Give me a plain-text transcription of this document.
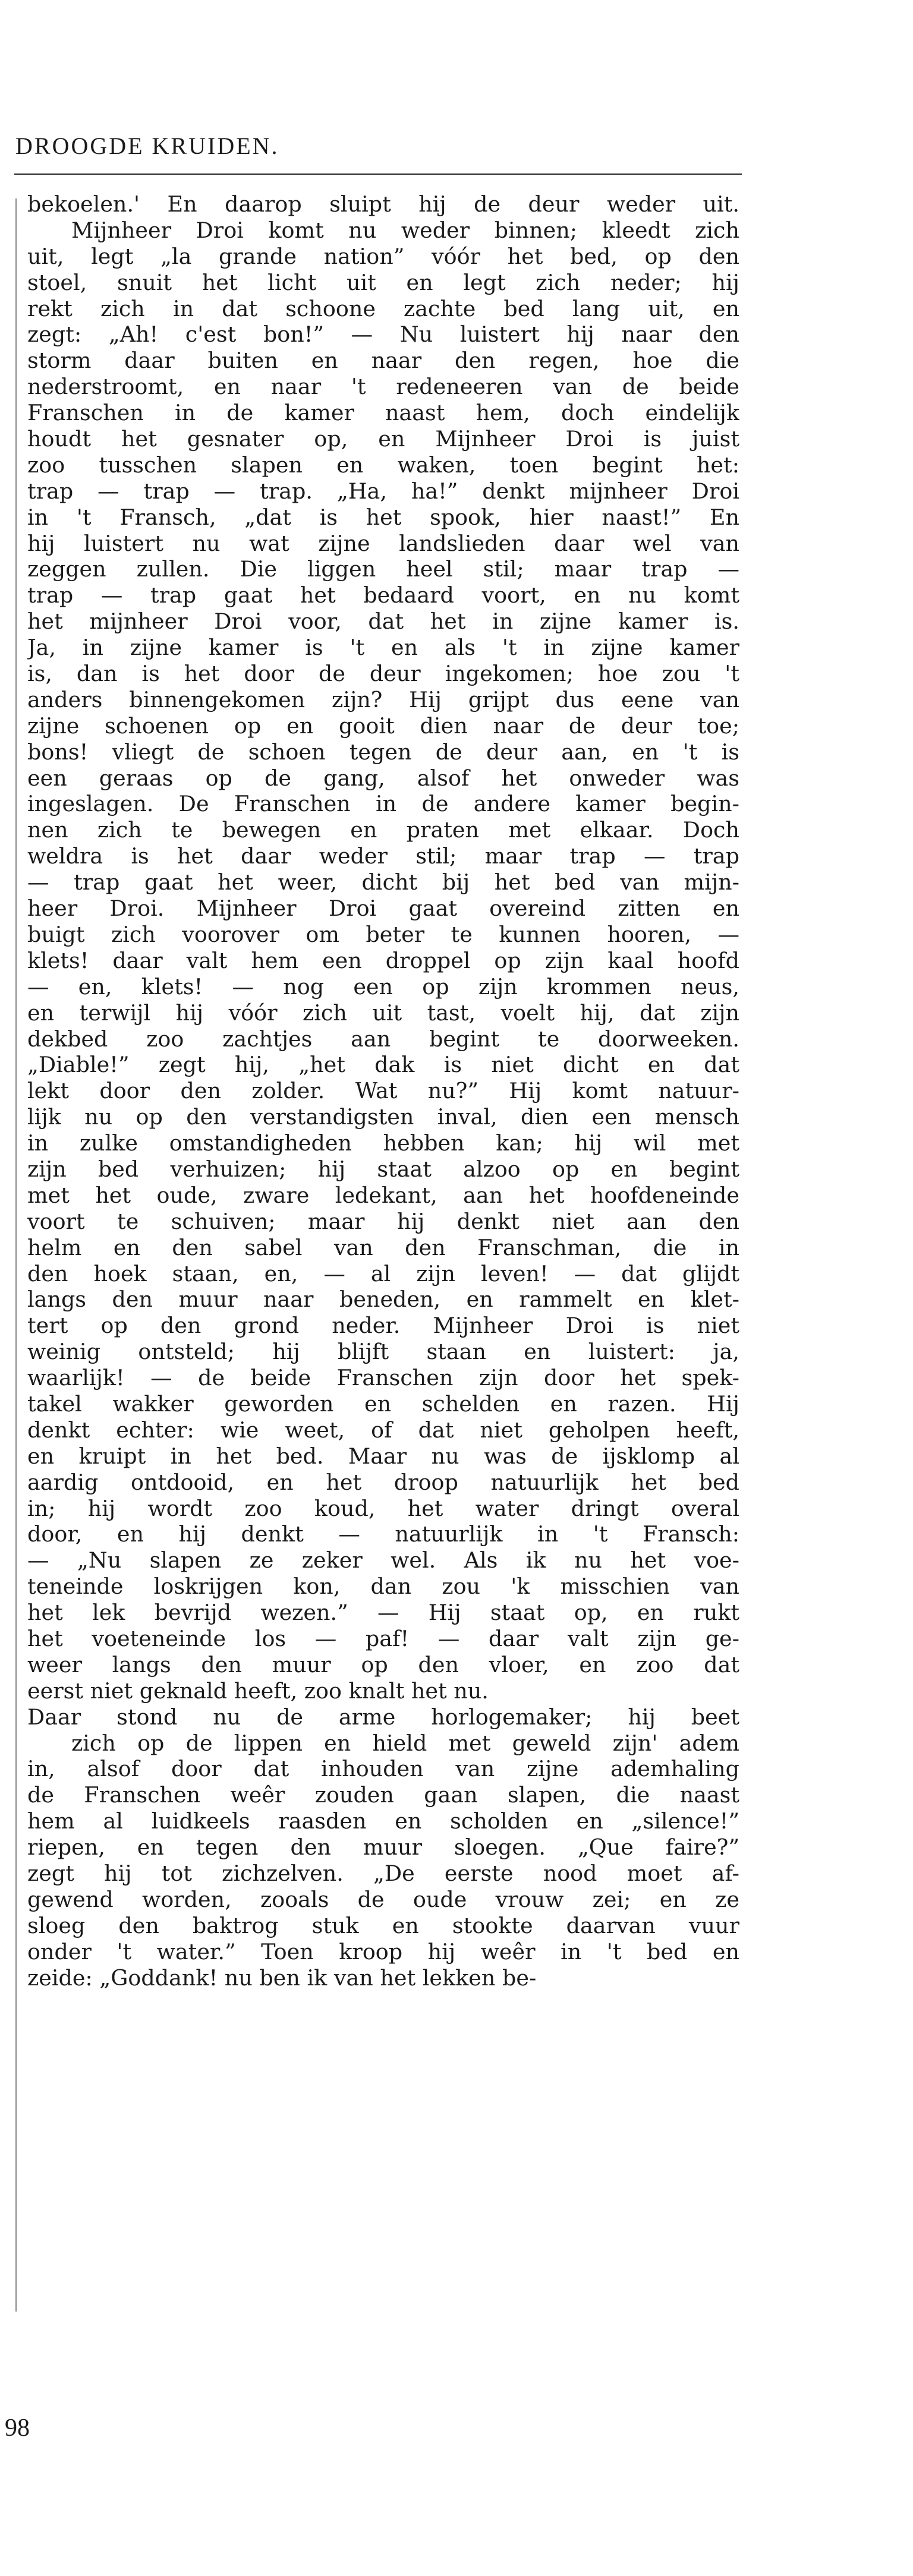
DROOGDE KRUIDEN.
bekoelen.' En daarop sluipt hij de deur weder uit.
Mijnheer Droi komt nu weder binnen; kleedt zich
uit, legt „la grande nation” vóór het bed, op den
stoel, snuit het licht uit en legt zich neder; hij
rekt zich in dat schoone zachte bed lang uit, en
zegt: „Ah! c'est bon!” — Nu luistert hij naar den
storm daar buiten en naar den regen, hoe die
nederstroomt, en naar 't redeneeren van de beide
Franschen in de kamer naast hem, doch eindelijk
houdt het gesnater op, en Mijnheer Droi is juist
zoo tusschen slapen en waken, toen begint het:
trap — trap — trap. „Ha, ha!” denkt mijnheer Droi
in 't Fransch, „dat is het spook, hier naast!” En
hij luistert nu wat zijne landslieden daar wel van
zeggen zullen. Die liggen heel stil; maar trap —
trap — trap gaat het bedaard voort, en nu komt
het mijnheer Droi voor, dat het in zijne kamer is.
Ja, in zijne kamer is 't en als 't in zijne kamer
is, dan is het door de deur ingekomen; hoe zou 't
anders binnengekomen zijn? Hij grijpt dus eene van
zijne schoenen op en gooit dien naar de deur toe;
bons! vliegt de schoen tegen de deur aan, en 't is
een geraas op de gang, alsof het onweder was
ingeslagen. De Franschen in de andere kamer begin-
nen zich te bewegen en praten met elkaar. Doch
weldra is het daar weder stil; maar trap — trap
— trap gaat het weer, dicht bij het bed van mijn-
heer Droi. Mijnheer Droi gaat overeind zitten en
buigt zich voorover om beter te kunnen hooren, —
klets! daar valt hem een droppel op zijn kaal hoofd
— en, klets! — nog een op zijn krommen neus,
en terwijl hij vóór zich uit tast, voelt hij, dat zijn
dekbed zoo zachtjes aan begint te doorweeken.
„Diable!” zegt hij, „het dak is niet dicht en dat
lekt door den zolder. Wat nu?” Hij komt natuur-
lijk nu op den verstandigsten inval, dien een mensch
in zulke omstandigheden hebben kan; hij wil met
zijn bed verhuizen; hij staat alzoo op en begint
met het oude, zware ledekant, aan het hoofdeneinde
voort te schuiven; maar hij denkt niet aan den
helm en den sabel van den Franschman, die in
den hoek staan, en, — al zijn leven! — dat glijdt
langs den muur naar beneden, en rammelt en klet-
tert op den grond neder. Mijnheer Droi is niet
weinig ontsteld; hij blijft staan en luistert: ja,
waarlijk! — de beide Franschen zijn door het spek-
takel wakker geworden en schelden en razen. Hij
denkt echter: wie weet, of dat niet geholpen heeft,
en kruipt in het bed. Maar nu was de ijsklomp al
aardig ontdooid, en het droop natuurlijk het bed
in; hij wordt zoo koud, het water dringt overal
door, en hij denkt — natuurlijk in 't Fransch:
— „Nu slapen ze zeker wel. Als ik nu het voe-
teneinde loskrijgen kon, dan zou 'k misschien van
het lek bevrijd wezen.” — Hij staat op, en rukt
het voeteneinde los — paf! — daar valt zijn ge-
weer langs den muur op den vloer, en zoo dat
eerst niet geknald heeft, zoo knalt het nu.
Daar stond nu de arme horlogemaker; hij beet
zich op de lippen en hield met geweld zijn' adem
in, alsof door dat inhouden van zijne ademhaling
de Franschen weêr zouden gaan slapen, die naast
hem al luidkeels raasden en scholden en „silence!”
riepen, en tegen den muur sloegen. „Que faire?”
zegt hij tot zichzelven. „De eerste nood moet af-
gewend worden, zooals de oude vrouw zei; en ze
sloeg den baktrog stuk en stookte daarvan vuur
onder 't water.” Toen kroop hij weêr in 't bed en
zeide: „Goddank! nu ben ik van het lekken be-
98
